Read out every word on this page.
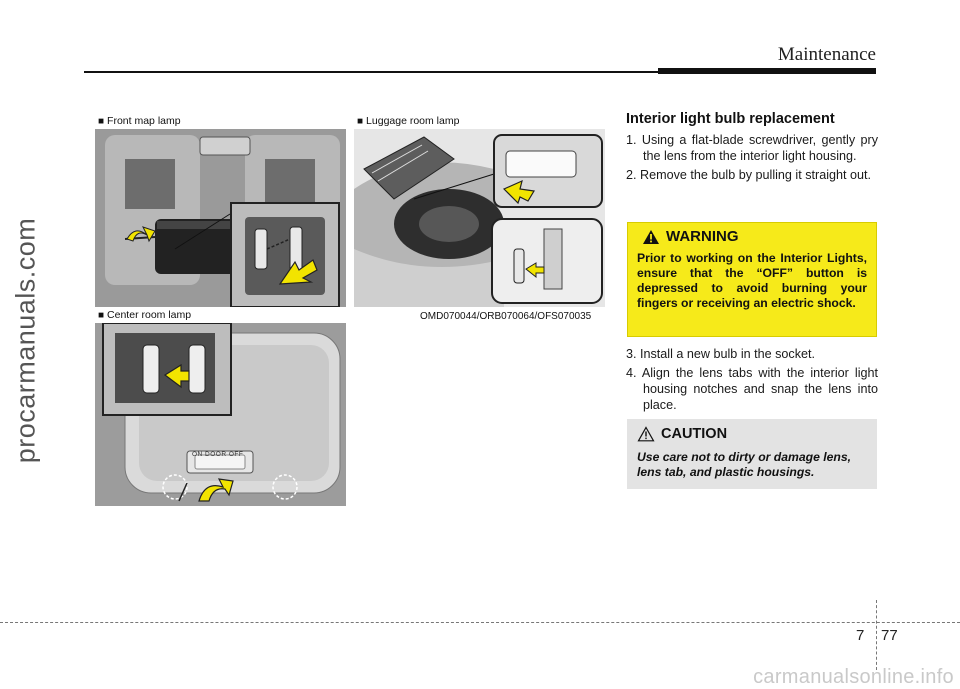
Maintenance
procarmanuals.com
■ Front map lamp	■ Luggage room lamp
OMD070044/ORB070064/OFS070035
■ Center room lamp
ON DOOR OFF
Interior light bulb replacement
1. Using a flat-blade screwdriver, gently pry the lens from the interior light housing.
2. Remove the bulb by pulling it straight out.
WARNING
Prior to working on the Interior Lights, ensure that the “OFF” button is depressed to avoid burning your fingers or receiving an electric shock.
3. Install a new bulb in the socket.
4. Align the lens tabs with the interior light housing notches and snap the lens into place.
CAUTION
Use care not to dirty or damage lens, lens tab, and plastic housings.
7 77
carmanualsonline.info
